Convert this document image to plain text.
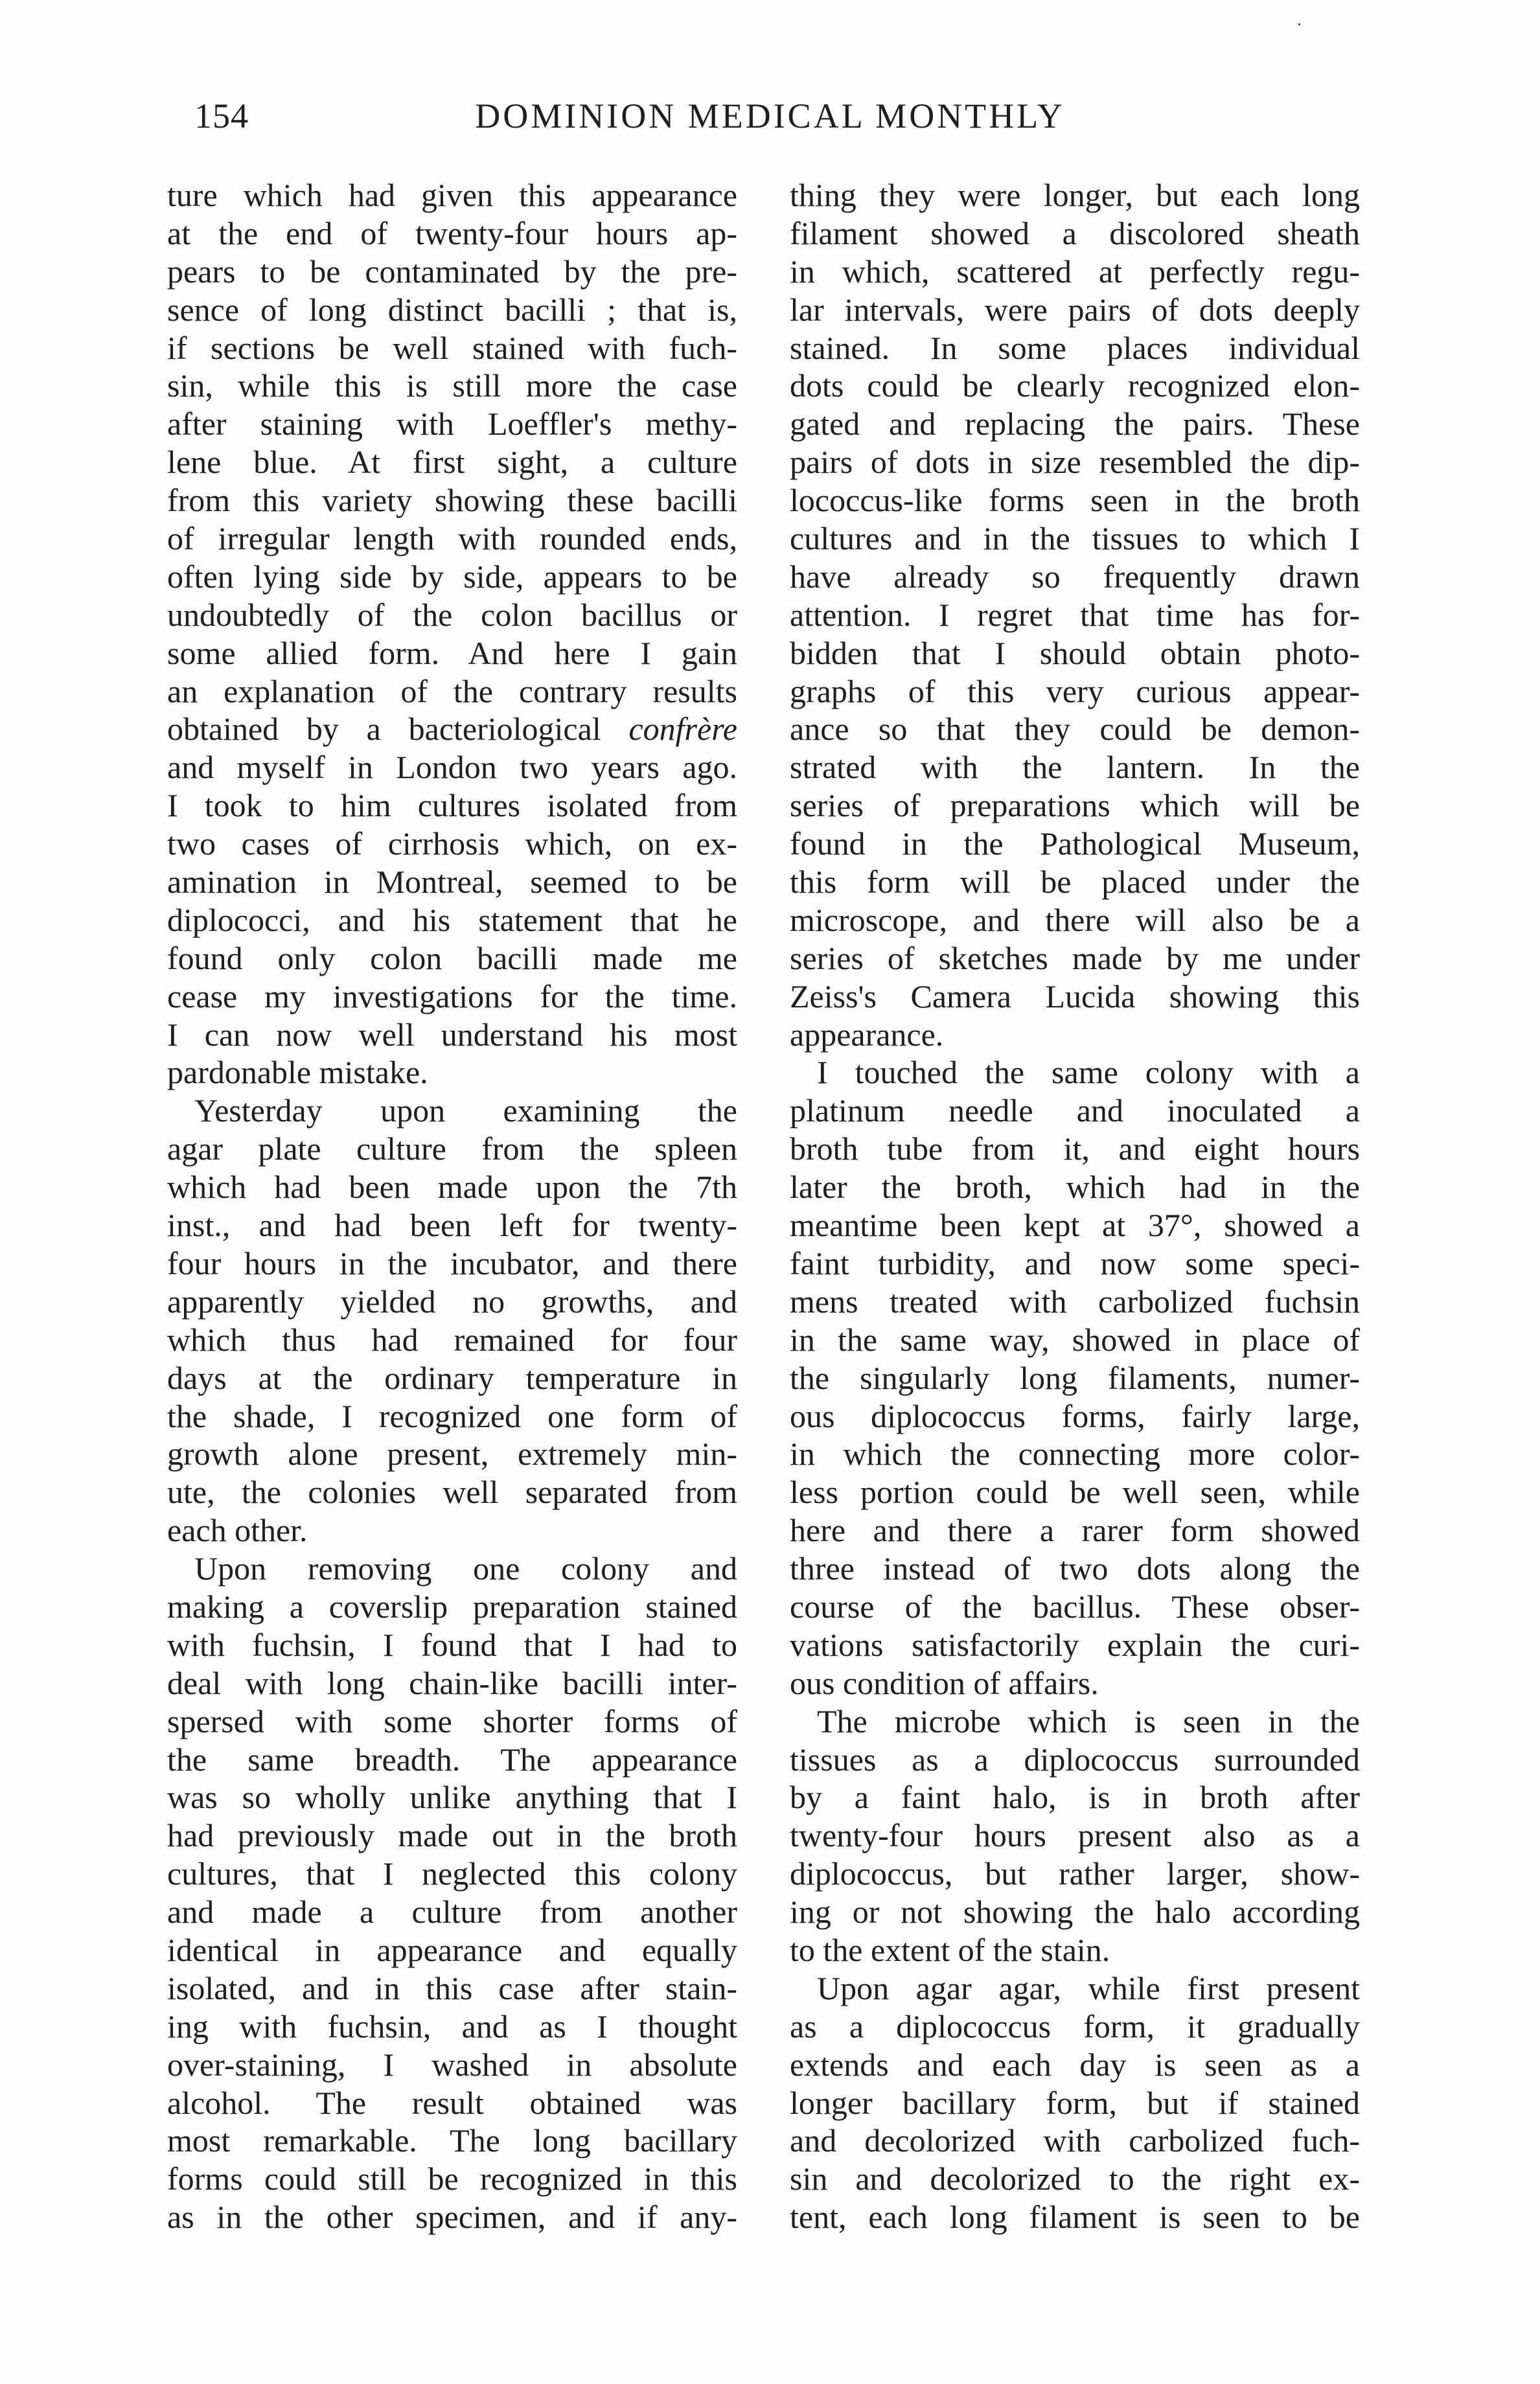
154	DOMINION MEDICAL MONTHLY
ture which had given this appearance
at the end of twenty-four hours ap-
pears to be contaminated by the pre-
sence of long distinct bacilli ; that is,
if sections be well stained with fuch-
sin, while this is still more the case
after staining with Loeffler's methy-
lene blue. At first sight, a culture
from this variety showing these bacilli
of irregular length with rounded ends,
often lying side by side, appears to be
undoubtedly of the colon bacillus or
some allied form. And here I gain
an explanation of the contrary results
obtained by a bacteriological confrère
and myself in London two years ago.
I took to him cultures isolated from
two cases of cirrhosis which, on ex-
amination in Montreal, seemed to be
diplococci, and his statement that he
found only colon bacilli made me
cease my investigations for the time.
I can now well understand his most
pardonable mistake.
Yesterday upon examining the
agar plate culture from the spleen
which had been made upon the 7th
inst., and had been left for twenty-
four hours in the incubator, and there
apparently yielded no growths, and
which thus had remained for four
days at the ordinary temperature in
the shade, I recognized one form of
growth alone present, extremely min-
ute, the colonies well separated from
each other.
Upon removing one colony and
making a coverslip preparation stained
with fuchsin, I found that I had to
deal with long chain-like bacilli inter-
spersed with some shorter forms of
the same breadth. The appearance
was so wholly unlike anything that I
had previously made out in the broth
cultures, that I neglected this colony
and made a culture from another
identical in appearance and equally
isolated, and in this case after stain-
ing with fuchsin, and as I thought
over-staining, I washed in absolute
alcohol. The result obtained was
most remarkable. The long bacillary
forms could still be recognized in this
as in the other specimen, and if any-
thing they were longer, but each long
filament showed a discolored sheath
in which, scattered at perfectly regu-
lar intervals, were pairs of dots deeply
stained. In some places individual
dots could be clearly recognized elon-
gated and replacing the pairs. These
pairs of dots in size resembled the dip-
lococcus-like forms seen in the broth
cultures and in the tissues to which I
have already so frequently drawn
attention. I regret that time has for-
bidden that I should obtain photo-
graphs of this very curious appear-
ance so that they could be demon-
strated with the lantern. In the
series of preparations which will be
found in the Pathological Museum,
this form will be placed under the
microscope, and there will also be a
series of sketches made by me under
Zeiss's Camera Lucida showing this
appearance.
I touched the same colony with a
platinum needle and inoculated a
broth tube from it, and eight hours
later the broth, which had in the
meantime been kept at 37°, showed a
faint turbidity, and now some speci-
mens treated with carbolized fuchsin
in the same way, showed in place of
the singularly long filaments, numer-
ous diplococcus forms, fairly large,
in which the connecting more color-
less portion could be well seen, while
here and there a rarer form showed
three instead of two dots along the
course of the bacillus. These obser-
vations satisfactorily explain the curi-
ous condition of affairs.
The microbe which is seen in the
tissues as a diplococcus surrounded
by a faint halo, is in broth after
twenty-four hours present also as a
diplococcus, but rather larger, show-
ing or not showing the halo according
to the extent of the stain.
Upon agar agar, while first present
as a diplococcus form, it gradually
extends and each day is seen as a
longer bacillary form, but if stained
and decolorized with carbolized fuch-
sin and decolorized to the right ex-
tent, each long filament is seen to be
